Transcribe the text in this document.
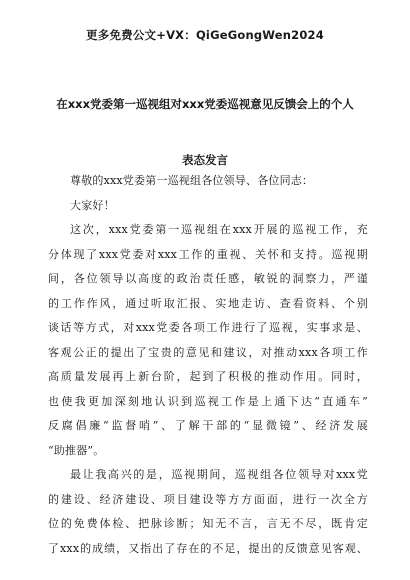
更多免费公文+VX：QiGeGongWen2024
在xxx党委第一巡视组对xxx党委巡视意见反馈会上的个人
表态发言
尊敬的xxx党委第一巡视组各位领导、各位同志：
大家好！
这次，xxx党委第一巡视组在xxx开展的巡视工作，充
分体现了xxx党委对xxx工作的重视、关怀和支持。巡视期
间，各位领导以高度的政治责任感，敏锐的洞察力，严谨
的工作作风，通过听取汇报、实地走访、查看资料、个别
谈话等方式，对xxx党委各项工作进行了巡视，实事求是、
客观公正的提出了宝贵的意见和建议，对推动xxx各项工作
高质量发展再上新台阶，起到了积极的推动作用。同时，
也使我更加深刻地认识到巡视工作是上通下达“直通车”
反腐倡廉“监督哨”、了解干部的“显微镜”、经济发展
“助推器”。
最让我高兴的是，巡视期间，巡视组各位领导对xxx党
的建设、经济建设、项目建设等方方面面，进行一次全方
位的免费体检、把脉诊断；知无不言，言无不尽，既肯定
了xxx的成绩，又指出了存在的不足，提出的反馈意见客观、
